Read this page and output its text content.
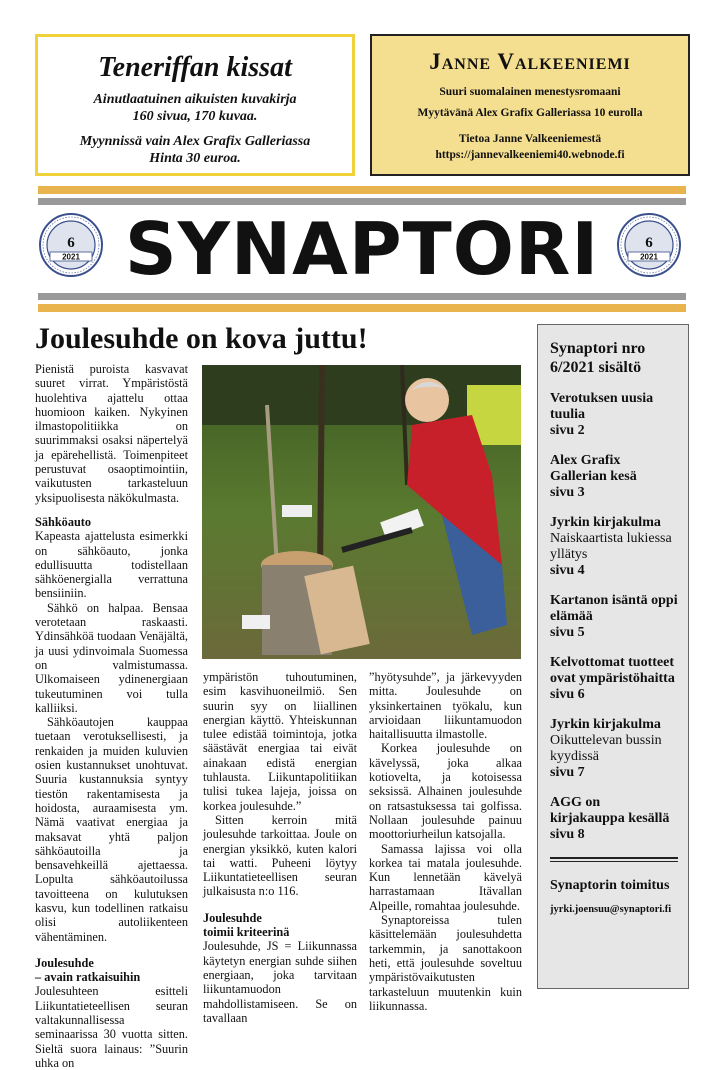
Teneriffan kissat
Ainutlaatuinen aikuisten kuvakirja
160 sivua, 170 kuvaa.
Myynnissä vain Alex Grafix Galleriassa
Hinta 30 euroa.
Janne Valkeeniemi
Suuri suomalainen menestysromaani
Myytävänä Alex Grafix Galleriassa 10 eurolla
Tietoa Janne Valkeeniemestä
https://jannevalkeeniemi40.webnode.fi
6
2021
6
2021
SYNAPTORI
Joulesuhde on kova juttu!

Pienistä puroista kasvavat suuret virrat. Ympäristöstä huolehtiva ajattelu ottaa huomioon kaiken. Nykyinen ilmastopolitiikka on suurimmaksi osaksi näpertelyä ja epärehellistä. Toimenpiteet perustuvat osaoptimointiin, vaikutusten tarkasteluun yksipuolisesta näkökulmasta.

Sähköauto

Kapeasta ajattelusta esimerkki on sähköauto, jonka edullisuutta todistellaan sähköenergialla verrattuna bensiiniin.

Sähkö on halpaa. Bensaa verotetaan raskaasti. Ydinsähköä tuodaan Venäjältä, ja uusi ydinvoimala Suomessa on valmistumassa. Ulkomaiseen ydinenergiaan tukeutuminen voi tulla kalliiksi.

Sähköautojen kauppaa tuetaan verotuksellisesti, ja renkaiden ja muiden kuluvien osien kustannukset unohtuvat. Suuria kustannuksia syntyy tiestön rakentamisesta ja hoidosta, auraamisesta ym. Nämä vaativat energiaa ja maksavat yhtä paljon sähköautoilla ja bensavehkeillä ajettaessa. Lopulta sähköautoilussa tavoitteena on kulutuksen kasvu, kun todellinen ratkaisu olisi autoliikenteen vähentäminen.

Joulesuhde
– avain ratkaisuihin

Joulesuhteen esitteli Liikuntatieteellisen seuran valtakunnallisessa seminaarissa 30 vuotta sitten. Sieltä suora lainaus: ”Suurin uhka on

ympäristön tuhoutuminen, esim kasvihuoneilmiö. Sen suurin syy on liiallinen energian käyttö. Yhteiskunnan tulee edistää toimintoja, jotka säästävät energiaa tai eivät ainakaan edistä energian tuhlausta. Liikuntapolitiikan tulisi tukea lajeja, joissa on korkea joulesuhde.”

Sitten kerroin mitä joulesuhde tarkoittaa. Joule on energian yksikkö, kuten kalori tai watti. Puheeni löytyy Liikuntatieteellisen seuran julkaisusta n:o 116.

Joulesuhde
toimii kriteerinä

Joulesuhde, JS = Liikunnassa käytetyn energian suhde siihen energiaan, joka tarvitaan liikuntamuodon mahdollistamiseen. Se on tavallaan

”hyötysuhde”, ja järkevyyden mitta. Joulesuhde on yksinkertainen työkalu, kun arvioidaan liikuntamuodon haitallisuutta ilmastolle.

Korkea joulesuhde on kävelyssä, joka alkaa kotiovelta, ja kotoisessa seksissä. Alhainen joulesuhde on ratsastuksessa tai golfissa. Nollaan joulesuhde painuu moottoriurheilun katsojalla.

Samassa lajissa voi olla korkea tai matala joulesuhde. Kun lennetään kävelyä harrastamaan Itävallan Alpeille, romahtaa joulesuhde.

Synaptoreissa tulen käsittelemään joulesuhdetta tarkemmin, ja sanottakoon heti, että joulesuhde soveltuu ympäristövaikutusten tarkasteluun muutenkin kuin liikunnassa.

Synaptori nro 6/2021 sisältö
Verotuksen uusia tuulia
sivu 2
Alex Grafix Gallerian kesä
sivu 3
Jyrkin kirjakulma
Naiskaartista lukiessa yllätys
sivu 4
Kartanon isäntä oppi elämää
sivu 5
Kelvottomat tuotteet ovat ympäristöhaitta
sivu 6
Jyrkin kirjakulma
Oikuttelevan bussin kyydissä
sivu 7
AGG on kirjakauppa kesällä
sivu 8
Synaptorin toimitus
jyrki.joensuu@synaptori.fi
